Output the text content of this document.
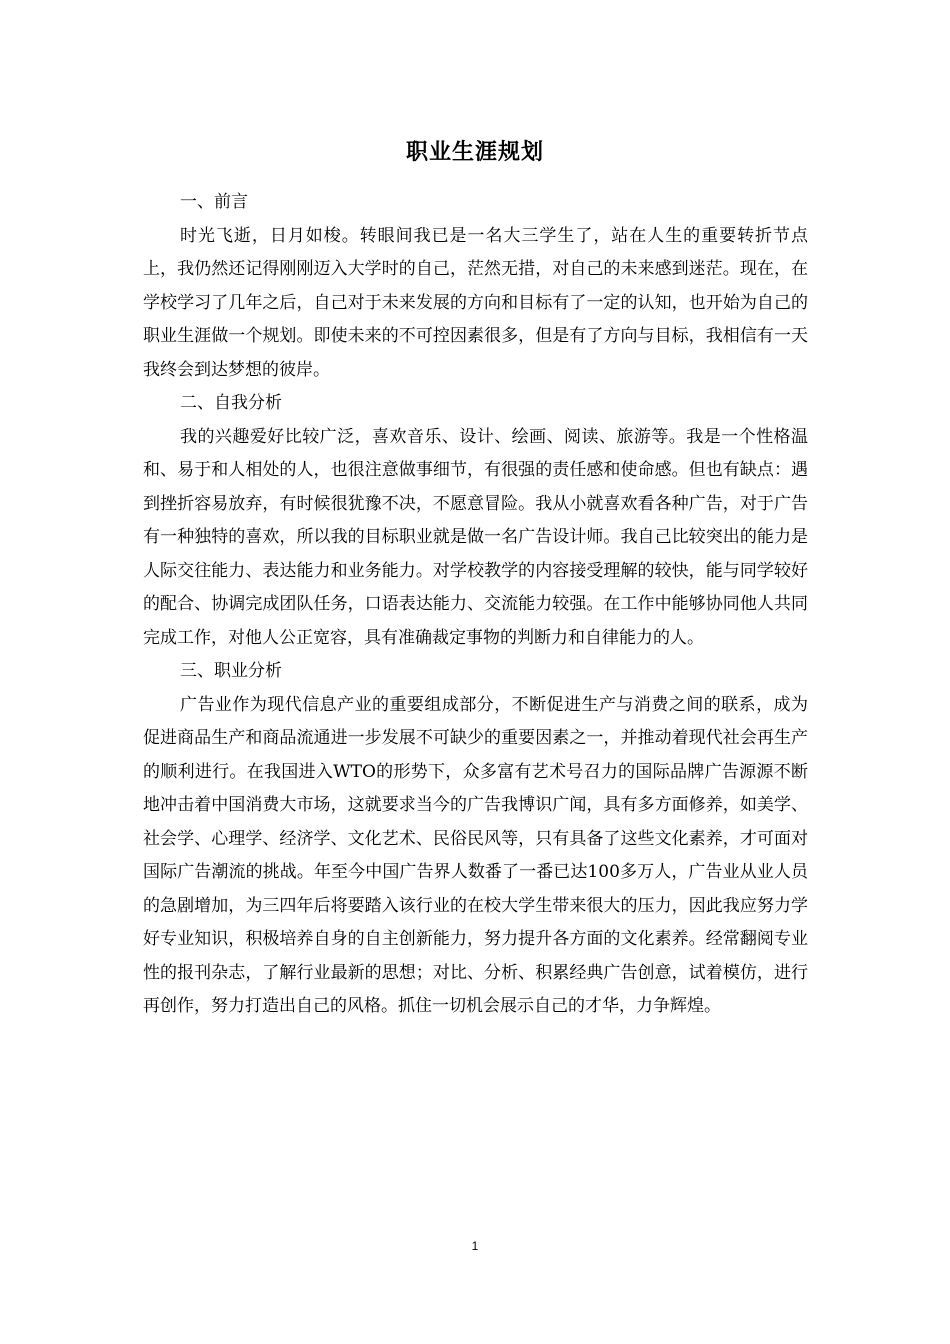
职业生涯规划

一、前言

时光飞逝，日月如梭。转眼间我已是一名大三学生了，站在人生的重要转折节点上，我仍然还记得刚刚迈入大学时的自己，茫然无措，对自己的未来感到迷茫。现在，在学校学习了几年之后，自己对于未来发展的方向和目标有了一定的认知，也开始为自己的职业生涯做一个规划。即使未来的不可控因素很多，但是有了方向与目标，我相信有一天我终会到达梦想的彼岸。

二、自我分析

我的兴趣爱好比较广泛，喜欢音乐、设计、绘画、阅读、旅游等。我是一个性格温和、易于和人相处的人，也很注意做事细节，有很强的责任感和使命感。但也有缺点：遇到挫折容易放弃，有时候很犹豫不决，不愿意冒险。我从小就喜欢看各种广告，对于广告有一种独特的喜欢，所以我的目标职业就是做一名广告设计师。我自己比较突出的能力是人际交往能力、表达能力和业务能力。对学校教学的内容接受理解的较快，能与同学较好的配合、协调完成团队任务，口语表达能力、交流能力较强。在工作中能够协同他人共同完成工作，对他人公正宽容，具有准确裁定事物的判断力和自律能力的人。

三、职业分析

广告业作为现代信息产业的重要组成部分，不断促进生产与消费之间的联系，成为促进商品生产和商品流通进一步发展不可缺少的重要因素之一，并推动着现代社会再生产的顺利进行。在我国进入WTO的形势下，众多富有艺术号召力的国际品牌广告源源不断地冲击着中国消费大市场，这就要求当今的广告我博识广闻，具有多方面修养，如美学、社会学、心理学、经济学、文化艺术、民俗民风等，只有具备了这些文化素养，才可面对国际广告潮流的挑战。年至今中国广告界人数番了一番已达100多万人，广告业从业人员的急剧增加，为三四年后将要踏入该行业的在校大学生带来很大的压力，因此我应努力学好专业知识，积极培养自身的自主创新能力，努力提升各方面的文化素养。经常翻阅专业性的报刊杂志，了解行业最新的思想；对比、分析、积累经典广告创意，试着模仿，进行再创作，努力打造出自己的风格。抓住一切机会展示自己的才华，力争辉煌。

1
